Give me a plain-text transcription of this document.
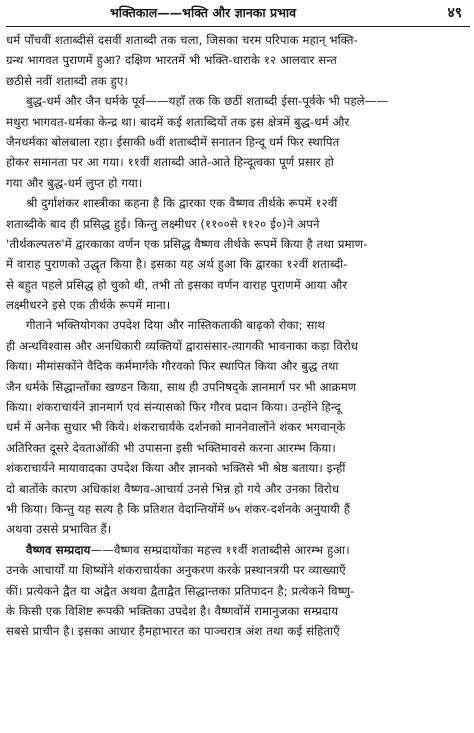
भक्तिकाल——भक्ति और ज्ञानका प्रभाव	४९
धर्म पाँचवीं शताब्दीसे दसवीं शताब्दी तक चला, जिसका चरम परिपाक महान् भक्ति-
ग्रन्थ भागवत पुराणमें हुआ? दक्षिण भारतमें भी भक्ति-धाराके १२ आलवार सन्त
छठीसे नवीं शताब्दी तक हुए।
बुद्ध-धर्म और जैन धर्मके पूर्व——यहाँ तक कि छठीं शताब्दी ईसा-पूर्वके भी पहले——
मथुरा भागवत-धर्मका केन्द्र था। बादमें कई शताब्दियों तक इस क्षेत्रमें बुद्ध-धर्म और
जैनधर्मका बोलबाला रहा। ईसाकी ७वीं शताब्दीमें सनातन हिन्दू धर्म फिर स्थापित
होकर समानता पर आ गया। ११वीं शताब्दी आते-आते हिन्दूत्वका पूर्ण प्रसार हो
गया और बुद्ध-धर्म लुप्त हो गया।
श्री दुर्गाशंकर शास्त्रीका कहना है कि द्वारका एक वैष्णव तीर्थके रूपमें १२वीं
शताब्दीके बाद ही प्रसिद्ध हुई। किन्तु लक्ष्मीधर (११००से ११२० ई०)ने अपने
'तीर्थकल्पतरु'में द्वारकाका वर्णन एक प्रसिद्ध वैष्णव तीर्थके रूपमें किया है तथा प्रमाण-
में वाराह पुराणको उद्धृत किया है। इसका यह अर्थ हुआ कि द्वारका १२वीं शताब्दी-
से बहुत पहले प्रसिद्ध हो चुको थी, तभी तो इसका वर्णन वाराह पुराणमें आया और
लक्ष्मीधरने इसे एक तीर्थके रूपमें माना।
गीताने भक्तियोगका उपदेश दिया और नास्तिकताकी बाढ़को रोका; साथ
ही अन्धविश्वास और अनधिकारी व्यक्तियों द्वारासंसार-त्यागकी भावनाका कड़ा विरोध
किया। मीमांसकोंने वैदिक कर्ममार्गके गौरवको फिर स्थापित किया और बुद्ध तथा
जैन धर्मके सिद्धान्तोंका खण्डन किया, साथ ही उपनिषद्के ज्ञानमार्ग पर भी आक्रमण
किया। शंकराचार्यने ज्ञानमार्ग एवं संन्यासको फिर गौरव प्रदान किया। उन्होंने हिन्दू
धर्म में अनेक सुधार भी किये। शंकराचार्यके दर्शनको माननेवालोंने शंकर भगवान्‌के
अतिरिक्त दूसरे देवताओंकी भी उपासना इसी भक्तिमावसे करना आरम्भ किया।
शंकराचार्यने मायावादका उपदेश किया और ज्ञानको भक्तिसे भी श्रेष्ठ बताया। इन्हीं
दो बातोंके कारण अधिकांश वैष्णव-आचार्य उनसे भिन्न हो गये और उनका विरोध
भी किया। किन्तु यह सत्य है कि प्रतिशत वेदान्तियोंमें ७५ शंकर-दर्शनके अनुयायी हैं
अथवा उससे प्रभावित हैं।
वैष्णव सम्प्रदाय——वैष्णव सम्प्रदायोंका महत्त्व ११वीं शताब्दीसे आरम्भ हुआ।
उनके आचार्यों या शिष्योंने शंकराचार्यका अनुकरण करके प्रस्थानत्रयी पर व्याख्याएँ
कीं। प्रत्येकने द्वैत या अद्वैत अथवा द्वैताद्वैत सिद्धान्तका प्रतिपादन है; प्रत्येकने विष्णु-
के किसी एक विशिष्ट रूपकी भक्तिका उपदेश है। वैष्णवोंमें रामानुजका सम्प्रदाय
सबसे प्राचीन है। इसका आधार हैमहाभारत का पाञ्चरात्र अंश तथा कई संहिताएँ
